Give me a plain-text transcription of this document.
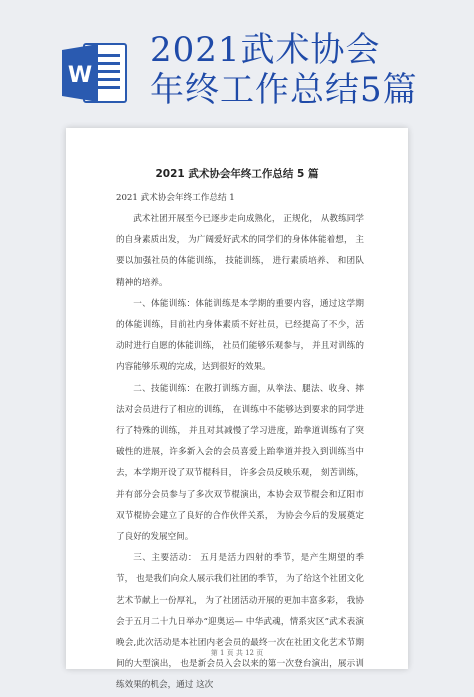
W
2021武术协会
年终工作总结5篇
2021 武术协会年终工作总结 5 篇
2021 武术协会年终工作总结 1

武术社团开展至今已逐步走向成熟化， 正规化， 从教练同学的自身素质出发， 为广阔爱好武术的同学们的身体体能着想， 主要以加强社员的体能训练， 技能训练， 进行素质培养、 和团队精神的培养。

一、体能训练：体能训练是本学期的重要内容，通过这学期的体能训练，目前社内身体素质不好社员，已经提高了不少，活动时进行自愿的体能训练， 社员们能够乐观参与， 并且对训练的内容能够乐观的完成，达到很好的效果。

二、技能训练：在散打训练方面，从拳法、腿法、收身、摔法对会员进行了相应的训练， 在训练中不能够达到要求的同学进行了特殊的训练， 并且对其减慢了学习进度，跆拳道训练有了突破性的进展，许多新入会的会员喜爱上跆拳道并投入到训练当中去，本学期开设了双节棍科目， 许多会员反映乐观， 刻苦训练，并有部分会员参与了多次双节棍演出，本协会双节棍会和辽阳市双节棍协会建立了良好的合作伙伴关系， 为协会今后的发展奠定了良好的发展空间。

三、主要活动： 五月是活力四射的季节，是产生期望的季节， 也是我们向众人展示我们社团的季节， 为了给这个社团文化艺术节献上一份厚礼， 为了社团活动开展的更加丰富多彩， 我协会于五月二十九日举办“迎奥运— 中华武魂，情系灾区”武术表演晚会,此次活动是本社团内老会员的最终一次在社团文化艺术节期间的大型演出， 也是新会员入会以来的第一次登台演出，展示训练效果的机会，通过 这次

第 1 页 共 12 页
